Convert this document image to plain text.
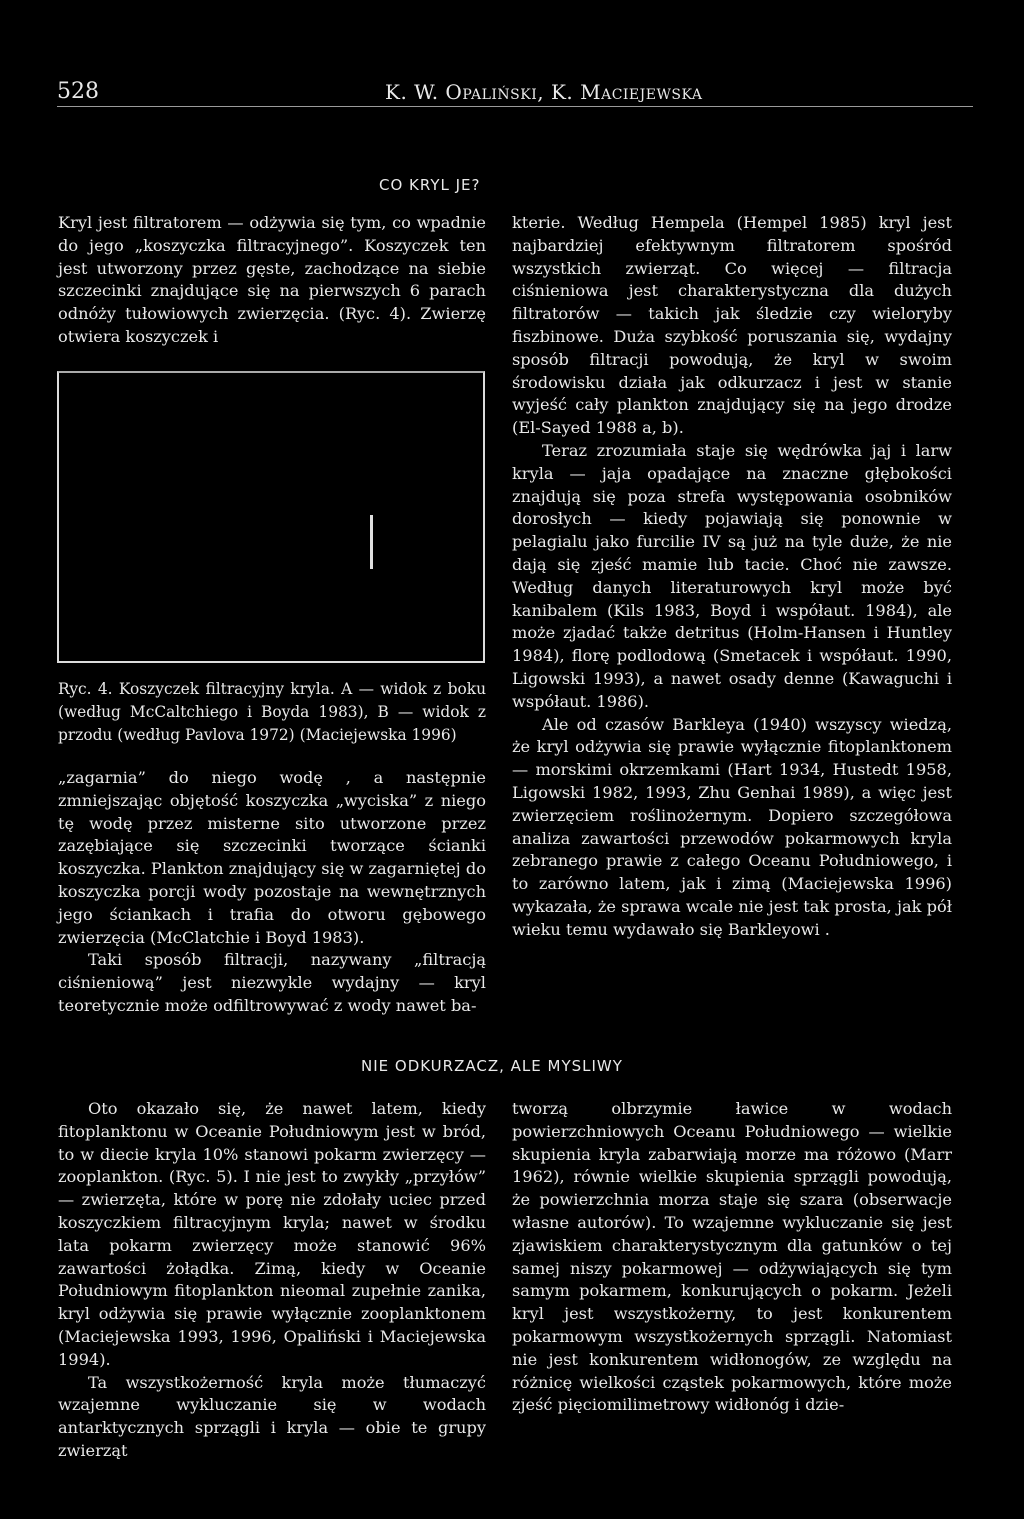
528	K. W. Opaliński, K. Maciejewska
CO KRYL JE?

Kryl jest filtratorem — odżywia się tym, co wpadnie do jego „koszyczka filtracyjnego”. Koszyczek ten jest utworzony przez gęste, zachodzące na siebie szczecinki znajdujące się na pierwszych 6 parach odnóży tułowiowych zwierzęcia. (Ryc. 4). Zwierzę otwiera koszyczek i

Ryc. 4. Koszyczek filtracyjny kryla. A — widok z boku (według McCaltchiego i Boyda 1983), B — widok z przodu (według Pavlova 1972) (Maciejewska 1996)

„zagarnia” do niego wodę , a następnie zmniejszając objętość koszyczka „wyciska” z niego tę wodę przez misterne sito utworzone przez zazębiające się szczecinki tworzące ścianki koszyczka. Plankton znajdujący się w zagarniętej do koszyczka porcji wody pozostaje na wewnętrznych jego ściankach i trafia do otworu gębowego zwierzęcia (McClatchie i Boyd 1983).

Taki sposób filtracji, nazywany „filtracją ciśnieniową” jest niezwykle wydajny — kryl teoretycznie może odfiltrowywać z wody nawet ba-

kterie. Według Hempela (Hempel 1985) kryl jest najbardziej efektywnym filtratorem spośród wszystkich zwierząt. Co więcej — filtracja ciśnieniowa jest charakterystyczna dla dużych filtratorów — takich jak śledzie czy wieloryby fiszbinowe. Duża szybkość poruszania się, wydajny sposób filtracji powodują, że kryl w swoim środowisku działa jak odkurzacz i jest w stanie wyjeść cały plankton znajdujący się na jego drodze (El-Sayed 1988 a, b).

Teraz zrozumiała staje się wędrówka jaj i larw kryla — jaja opadające na znaczne głębokości znajdują się poza strefa występowania osobników dorosłych — kiedy pojawiają się ponownie w pelagialu jako furcilie IV są już na tyle duże, że nie dają się zjeść mamie lub tacie. Choć nie zawsze. Według danych literaturowych kryl może być kanibalem (Kils 1983, Boyd i współaut. 1984), ale może zjadać także detritus (Holm-Hansen i Huntley 1984), florę podlodową (Smetacek i współaut. 1990, Ligowski 1993), a nawet osady denne (Kawaguchi i współaut. 1986).

Ale od czasów Barkleya (1940) wszyscy wiedzą, że kryl odżywia się prawie wyłącznie fitoplanktonem — morskimi okrzemkami (Hart 1934, Hustedt 1958, Ligowski 1982, 1993, Zhu Genhai 1989), a więc jest zwierzęciem roślinożernym. Dopiero szczegółowa analiza zawartości przewodów pokarmowych kryla zebranego prawie z całego Oceanu Południowego, i to zarówno latem, jak i zimą (Maciejewska 1996) wykazała, że sprawa wcale nie jest tak prosta, jak pół wieku temu wydawało się Barkleyowi .

NIE ODKURZACZ, ALE MYSLIWY

Oto okazało się, że nawet latem, kiedy fitoplanktonu w Oceanie Południowym jest w bród, to w diecie kryla 10% stanowi pokarm zwierzęcy — zooplankton. (Ryc. 5). I nie jest to zwykły „przyłów” — zwierzęta, które w porę nie zdołały uciec przed koszyczkiem filtracyjnym kryla; nawet w środku lata pokarm zwierzęcy może stanowić 96% zawartości żołądka. Zimą, kiedy w Oceanie Południowym fitoplankton nieomal zupełnie zanika, kryl odżywia się prawie wyłącznie zooplanktonem (Maciejewska 1993, 1996, Opaliński i Maciejewska 1994).

Ta wszystkożerność kryla może tłumaczyć wzajemne wykluczanie się w wodach antarktycznych sprzągli i kryla — obie te grupy zwierząt

tworzą olbrzymie ławice w wodach powierzchniowych Oceanu Południowego — wielkie skupienia kryla zabarwiają morze ma różowo (Marr 1962), równie wielkie skupienia sprzągli powodują, że powierzchnia morza staje się szara (obserwacje własne autorów). To wzajemne wykluczanie się jest zjawiskiem charakterystycznym dla gatunków o tej samej niszy pokarmowej — odżywiających się tym samym pokarmem, konkurujących o pokarm. Jeżeli kryl jest wszystkożerny, to jest konkurentem pokarmowym wszystkożernych sprzągli. Natomiast nie jest konkurentem widłonogów, ze względu na różnicę wielkości cząstek pokarmowych, które może zjeść pięciomilimetrowy widłonóg i dzie-
